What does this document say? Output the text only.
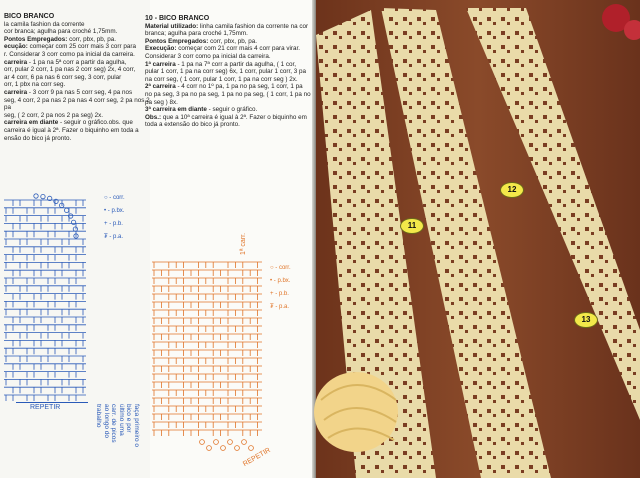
BICO BRANCO
la camila fashion da corrente
cor branca; agulha para croché 1,75mm.
Pontos Empregados: corr, pbx, pb, pa.
ecução: começar com 25 corr mais 3 corr para
r. Considerar 3 corr como pa inicial da carreira.
carreira - 1 pa na 5ª corr a partir da agulha,
orr, pular 2 corr, 1 pa nas 2 corr seg) 2x, 4 corr,
ar 4 corr, 6 pa nas 6 corr seg, 3 corr, pular
orr, 1 pbx na corr seg.
carreira - 3 corr 9 pa nas 5 corr seg, 4 pa nos
seg, 4 corr, 2 pa nas 2 pa nas 4 corr seg, 2 pa nos 2 pa
seg, ( 2 corr, 2 pa nos 2 pa seg) 2x.
carreira em diante - seguir o gráfico.obs. que
carreira é igual à 2ª. Fazer o biquinho em toda a
ensão do bico já pronto.
○ - corr.
• - p.bx.
+ - p.b.
₮ - p.a.
REPETIR	faça primeiro o
bico e por
último uma
carr. de picos
ao longo do
trabalho
10 - BICO BRANCO
Material utilizado: linha camila fashion da corrente na cor branca; agulha para croché 1,75mm.
Pontos Empregados: corr, pbx, pb, pa.
Execução: começar com 21 corr mais 4 corr para virar. Considerar 3 corr como pa inicial da carreira.
1ª carreira - 1 pa na 7ª corr a partir da agulha, ( 1 cor, pular 1 corr, 1 pa na corr seg) 6x, 1 corr, pular 1 corr, 3 pa na corr seg, ( 1 corr, pular 1 corr, 1 pa na corr seg ) 2x.
2ª carreira - 4 corr no 1º pa, 1 pa no pa seg, 1 corr, 1 pa no pa seg, 3 pa no pa seg, 1 pa no pa seg, ( 1 corr, 1 pa no pa seg ) 8x.
3ª carreira em diante - seguir o gráfico.
Obs.: que a 10ª carreira é igual à 2ª. Fazer o biquinho em toda a extensão do bico já pronto.
○ - corr.
• - p.bx.
+ - p.b.
₮ - p.a.
1ª carr.
REPETIR
11
12
13
